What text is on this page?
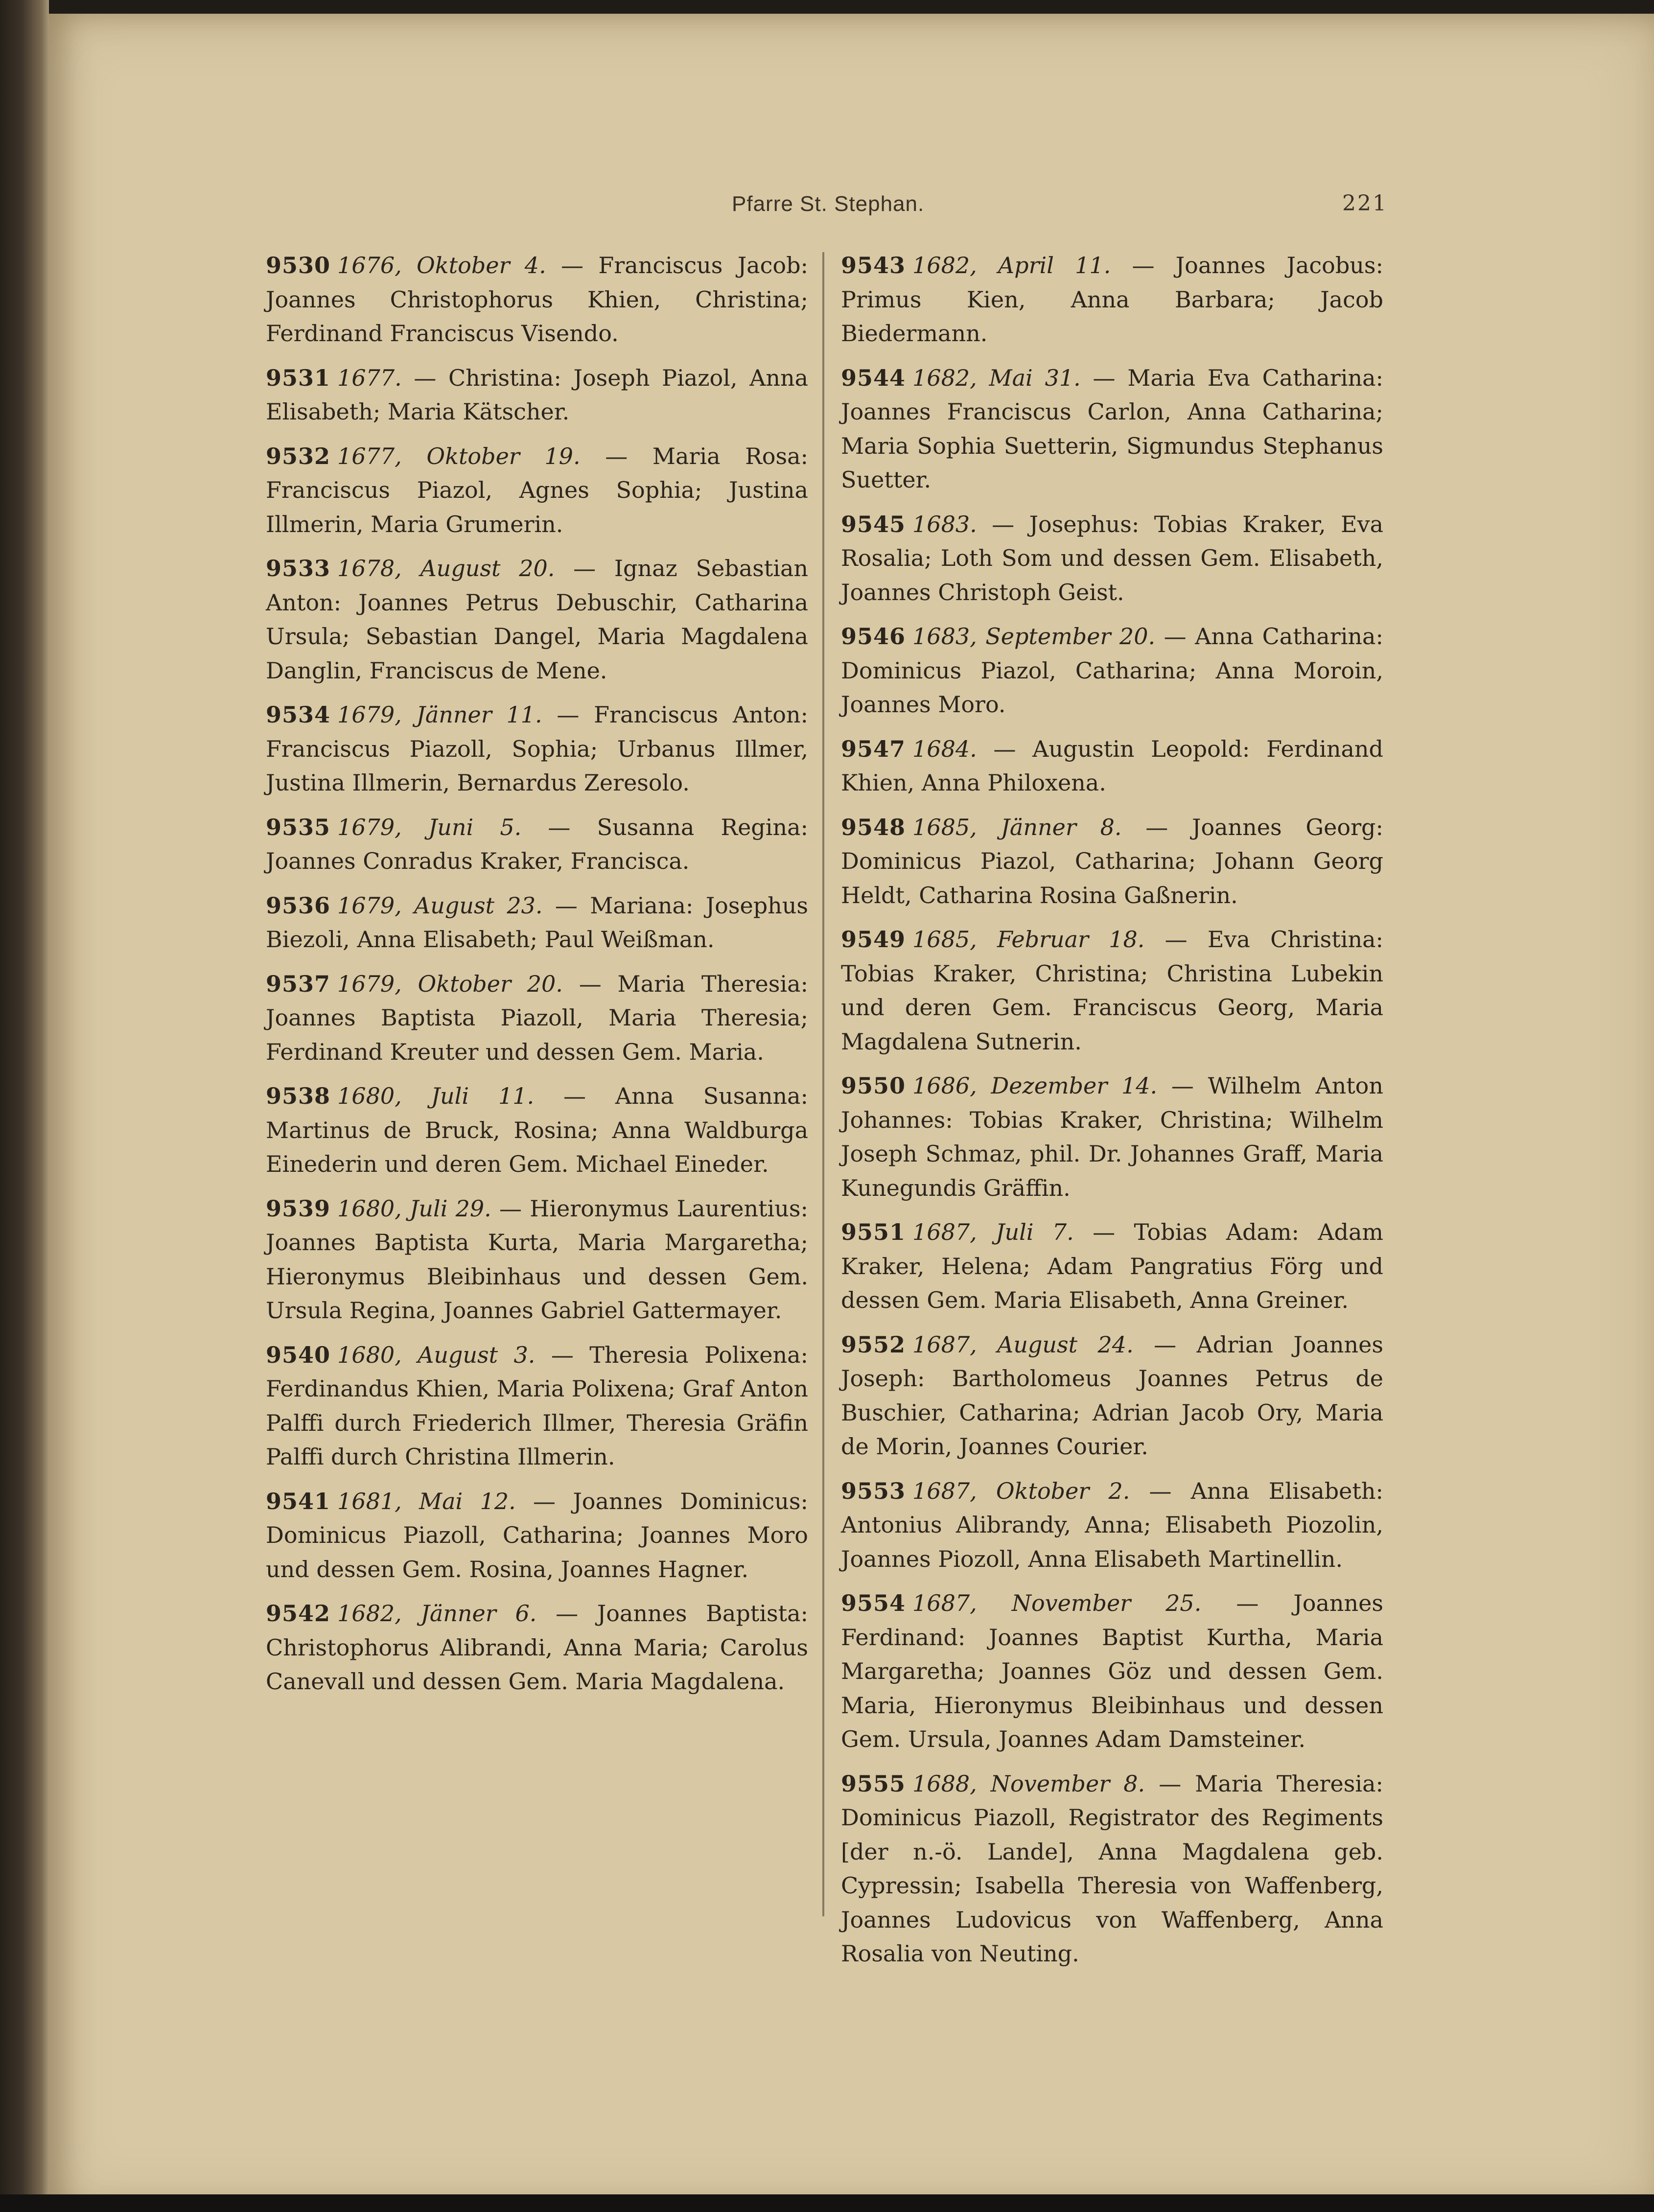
Pfarre St. Stephan.	221

9530 1676, Oktober 4. — Franciscus Jacob: Joannes Christophorus Khien, Christina; Ferdinand Franciscus Visendo.

9531 1677. — Christina: Joseph Piazol, Anna Elisabeth; Maria Kätscher.

9532 1677, Oktober 19. — Maria Rosa: Franciscus Piazol, Agnes Sophia; Justina Illmerin, Maria Grumerin.

9533 1678, August 20. — Ignaz Sebastian Anton: Joannes Petrus Debuschir, Catharina Ursula; Sebastian Dangel, Maria Magdalena Danglin, Franciscus de Mene.

9534 1679, Jänner 11. — Franciscus Anton: Franciscus Piazoll, Sophia; Urbanus Illmer, Justina Illmerin, Bernardus Zeresolo.

9535 1679, Juni 5. — Susanna Regina: Joannes Conradus Kraker, Francisca.

9536 1679, August 23. — Mariana: Josephus Biezoli, Anna Elisabeth; Paul Weißman.

9537 1679, Oktober 20. — Maria Theresia: Joannes Baptista Piazoll, Maria Theresia; Ferdinand Kreuter und dessen Gem. Maria.

9538 1680, Juli 11. — Anna Susanna: Martinus de Bruck, Rosina; Anna Waldburga Einederin und deren Gem. Michael Eineder.

9539 1680, Juli 29. — Hieronymus Laurentius: Joannes Baptista Kurta, Maria Margaretha; Hieronymus Bleibinhaus und dessen Gem. Ursula Regina, Joannes Gabriel Gattermayer.

9540 1680, August 3. — Theresia Polixena: Ferdinandus Khien, Maria Polixena; Graf Anton Palffi durch Friederich Illmer, Theresia Gräfin Palffi durch Christina Illmerin.

9541 1681, Mai 12. — Joannes Dominicus: Dominicus Piazoll, Catharina; Joannes Moro und dessen Gem. Rosina, Joannes Hagner.

9542 1682, Jänner 6. — Joannes Baptista: Christophorus Alibrandi, Anna Maria; Carolus Canevall und dessen Gem. Maria Magdalena.

9543 1682, April 11. — Joannes Jacobus: Primus Kien, Anna Barbara; Jacob Biedermann.

9544 1682, Mai 31. — Maria Eva Catharina: Joannes Franciscus Carlon, Anna Catharina; Maria Sophia Suetterin, Sigmundus Stephanus Suetter.

9545 1683. — Josephus: Tobias Kraker, Eva Rosalia; Loth Som und dessen Gem. Elisabeth, Joannes Christoph Geist.

9546 1683, September 20. — Anna Catharina: Dominicus Piazol, Catharina; Anna Moroin, Joannes Moro.

9547 1684. — Augustin Leopold: Ferdinand Khien, Anna Philoxena.

9548 1685, Jänner 8. — Joannes Georg: Dominicus Piazol, Catharina; Johann Georg Heldt, Catharina Rosina Gaßnerin.

9549 1685, Februar 18. — Eva Christina: Tobias Kraker, Christina; Christina Lubekin und deren Gem. Franciscus Georg, Maria Magdalena Sutnerin.

9550 1686, Dezember 14. — Wilhelm Anton Johannes: Tobias Kraker, Christina; Wilhelm Joseph Schmaz, phil. Dr. Johannes Graff, Maria Kunegundis Gräffin.

9551 1687, Juli 7. — Tobias Adam: Adam Kraker, Helena; Adam Pangratius Förg und dessen Gem. Maria Elisabeth, Anna Greiner.

9552 1687, August 24. — Adrian Joannes Joseph: Bartholomeus Joannes Petrus de Buschier, Catharina; Adrian Jacob Ory, Maria de Morin, Joannes Courier.

9553 1687, Oktober 2. — Anna Elisabeth: Antonius Alibrandy, Anna; Elisabeth Piozolin, Joannes Piozoll, Anna Elisabeth Martinellin.

9554 1687, November 25. — Joannes Ferdinand: Joannes Baptist Kurtha, Maria Margaretha; Joannes Göz und dessen Gem. Maria, Hieronymus Bleibinhaus und dessen Gem. Ursula, Joannes Adam Damsteiner.

9555 1688, November 8. — Maria Theresia: Dominicus Piazoll, Registrator des Regiments [der n.-ö. Lande], Anna Magdalena geb. Cypressin; Isabella Theresia von Waffenberg, Joannes Ludovicus von Waffenberg, Anna Rosalia von Neuting.
